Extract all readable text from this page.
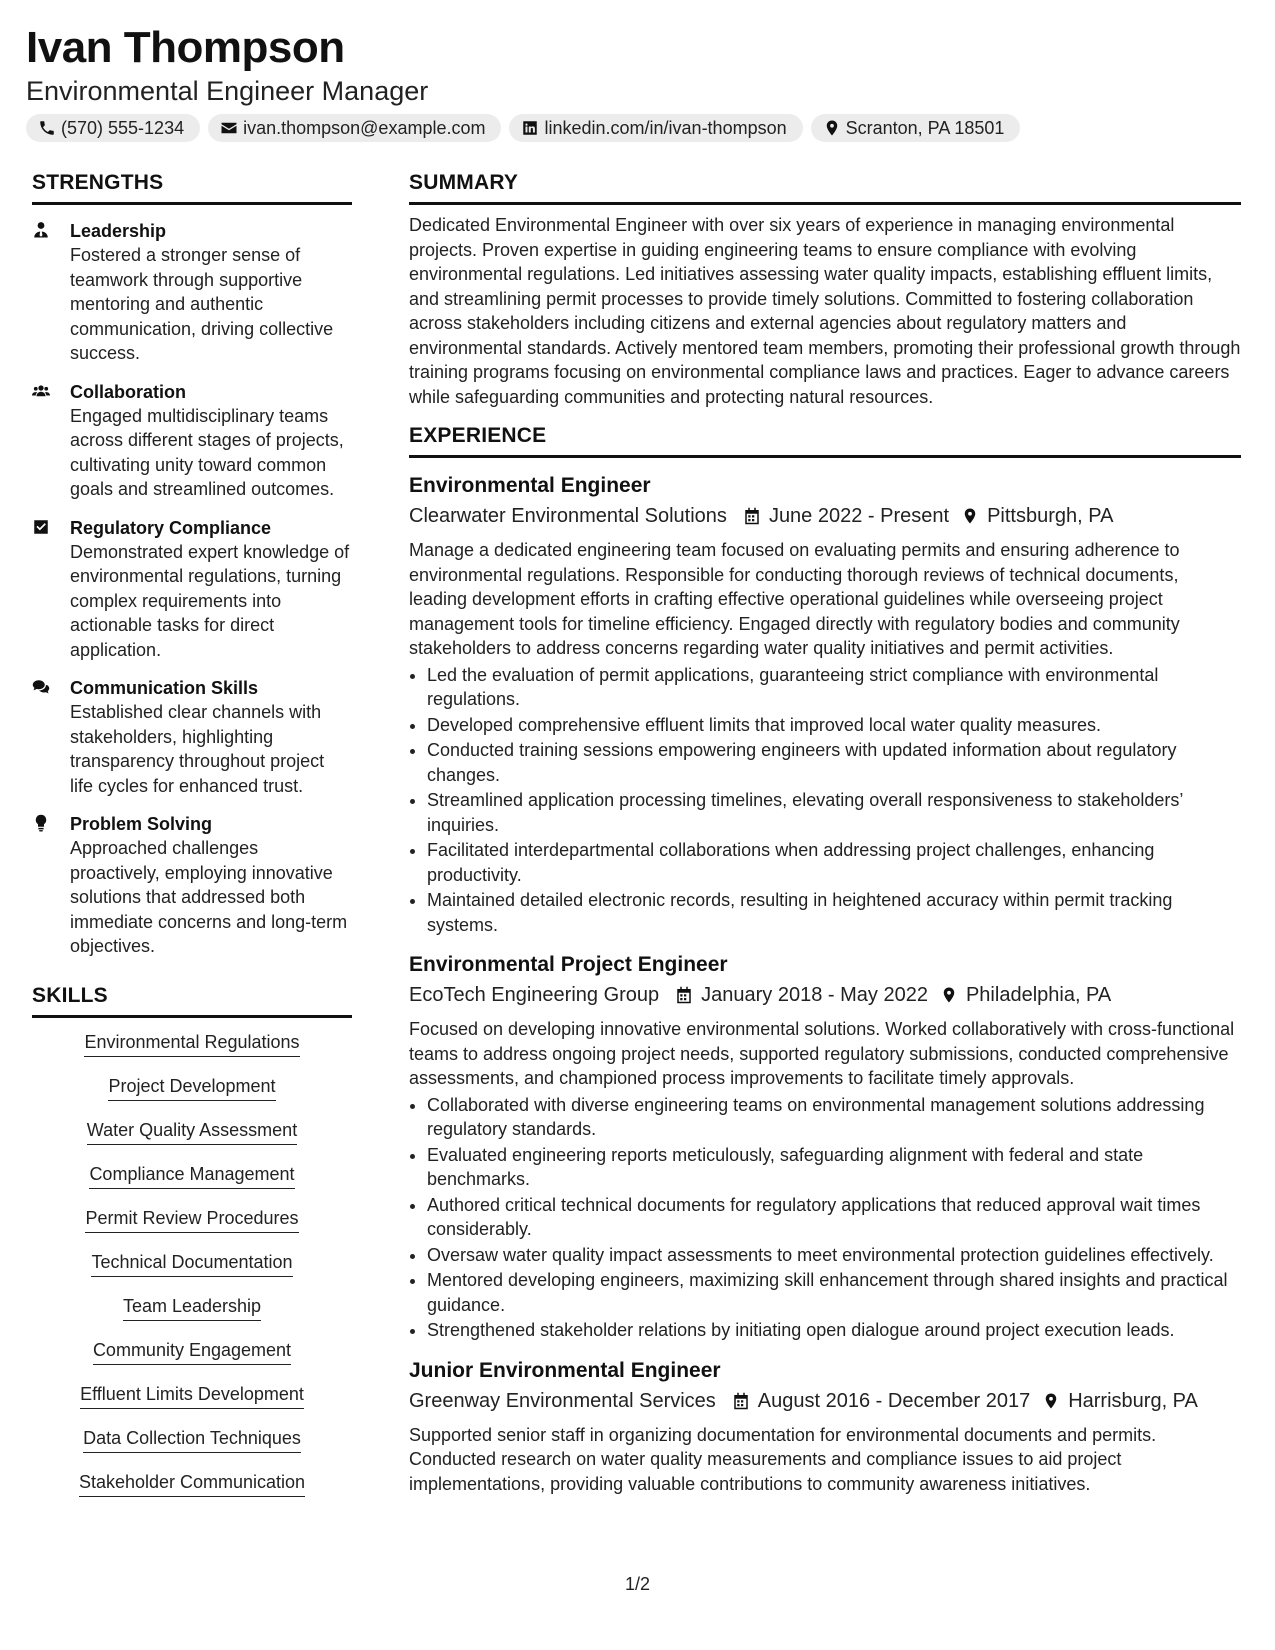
Ivan Thompson
Environmental Engineer Manager
(570) 555-1234	ivan.thompson@example.com	linkedin.com/in/ivan-thompson	Scranton, PA 18501
STRENGTHS
Leadership
Fostered a stronger sense of teamwork through supportive mentoring and authentic communication, driving collective success.
Collaboration
Engaged multidisciplinary teams across different stages of projects, cultivating unity toward common goals and streamlined outcomes.
Regulatory Compliance
Demonstrated expert knowledge of environmental regulations, turning complex requirements into actionable tasks for direct application.
Communication Skills
Established clear channels with stakeholders, highlighting transparency throughout project life cycles for enhanced trust.
Problem Solving
Approached challenges proactively, employing innovative solutions that addressed both immediate concerns and long-term objectives.
SKILLS
Environmental Regulations
Project Development
Water Quality Assessment
Compliance Management
Permit Review Procedures
Technical Documentation
Team Leadership
Community Engagement
Effluent Limits Development
Data Collection Techniques
Stakeholder Communication
SUMMARY
Dedicated Environmental Engineer with over six years of experience in managing environmental projects. Proven expertise in guiding engineering teams to ensure compliance with evolving environmental regulations. Led initiatives assessing water quality impacts, establishing effluent limits, and streamlining permit processes to provide timely solutions. Committed to fostering collaboration across stakeholders including citizens and external agencies about regulatory matters and environmental standards. Actively mentored team members, promoting their professional growth through training programs focusing on environmental compliance laws and practices. Eager to advance careers while safeguarding communities and protecting natural resources.
EXPERIENCE
Environmental Engineer
Clearwater Environmental Solutions June 2022 - Present Pittsburgh, PA
Manage a dedicated engineering team focused on evaluating permits and ensuring adherence to environmental regulations. Responsible for conducting thorough reviews of technical documents, leading development efforts in crafting effective operational guidelines while overseeing project management tools for timeline efficiency. Engaged directly with regulatory bodies and community stakeholders to address concerns regarding water quality initiatives and permit activities.
• Led the evaluation of permit applications, guaranteeing strict compliance with environmental regulations.
• Developed comprehensive effluent limits that improved local water quality measures.
• Conducted training sessions empowering engineers with updated information about regulatory changes.
• Streamlined application processing timelines, elevating overall responsiveness to stakeholders’ inquiries.
• Facilitated interdepartmental collaborations when addressing project challenges, enhancing productivity.
• Maintained detailed electronic records, resulting in heightened accuracy within permit tracking systems.
Environmental Project Engineer
EcoTech Engineering Group January 2018 - May 2022 Philadelphia, PA
Focused on developing innovative environmental solutions. Worked collaboratively with cross-functional teams to address ongoing project needs, supported regulatory submissions, conducted comprehensive assessments, and championed process improvements to facilitate timely approvals.
• Collaborated with diverse engineering teams on environmental management solutions addressing regulatory standards.
• Evaluated engineering reports meticulously, safeguarding alignment with federal and state benchmarks.
• Authored critical technical documents for regulatory applications that reduced approval wait times considerably.
• Oversaw water quality impact assessments to meet environmental protection guidelines effectively.
• Mentored developing engineers, maximizing skill enhancement through shared insights and practical guidance.
• Strengthened stakeholder relations by initiating open dialogue around project execution leads.
Junior Environmental Engineer
Greenway Environmental Services August 2016 - December 2017 Harrisburg, PA
Supported senior staff in organizing documentation for environmental documents and permits. Conducted research on water quality measurements and compliance issues to aid project implementations, providing valuable contributions to community awareness initiatives.
1/2
